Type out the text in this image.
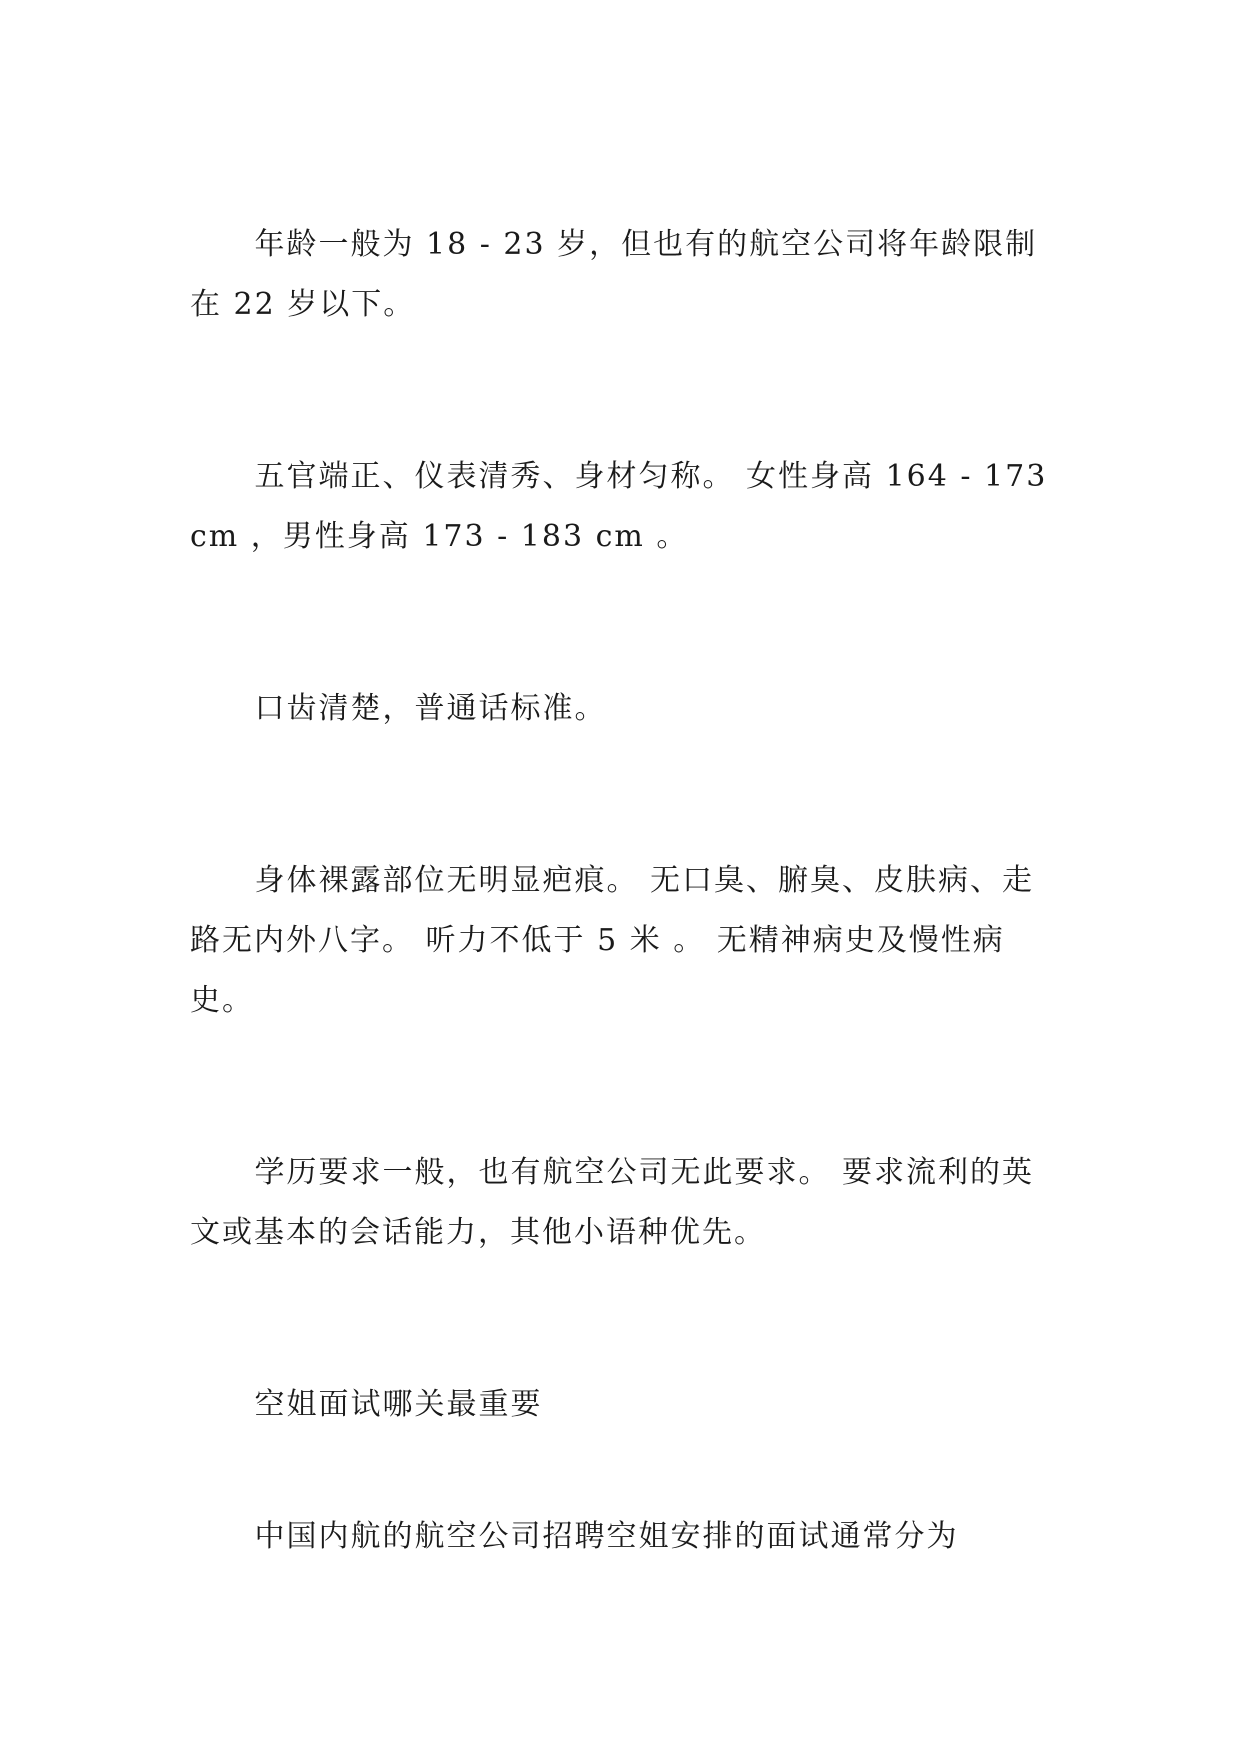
年龄一般为 18 - 23 岁，但也有的航空公司将年龄限制在 22 岁以下。

五官端正、仪表清秀、身材匀称。 女性身高 164 - 173cm ，男性身高 173 - 183 cm 。

口齿清楚，普通话标准。

身体裸露部位无明显疤痕。 无口臭、腑臭、皮肤病、走路无内外八字。 听力不低于 5 米 。 无精神病史及慢性病史。

学历要求一般，也有航空公司无此要求。 要求流利的英文或基本的会话能力，其他小语种优先。

空姐面试哪关最重要

中国内航的航空公司招聘空姐安排的面试通常分为
